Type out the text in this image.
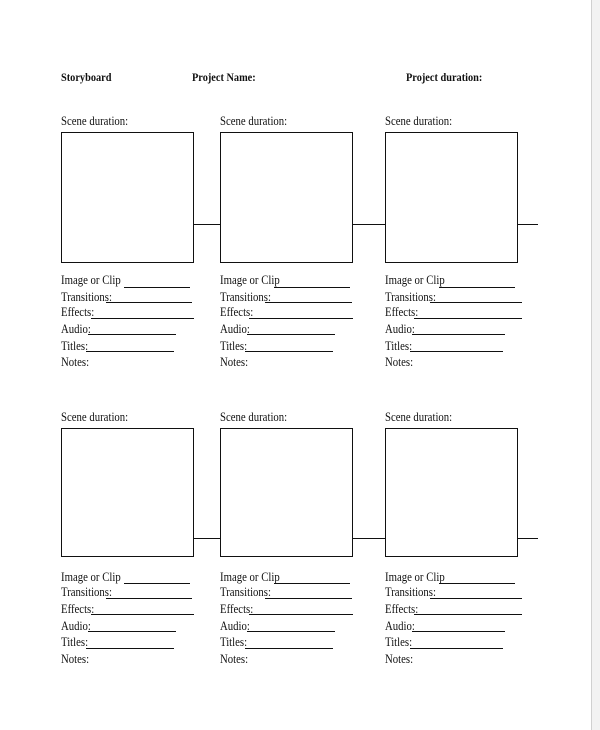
Storyboard	Project Name:	Project duration:
Scene duration:	Scene duration:	Scene duration:
Image or Clip
Transitions:
Effects:
Audio:
Titles:
Notes:
Image or Clip
Transitions:
Effects:
Audio:
Titles:
Notes:
Image or Clip
Transitions:
Effects:
Audio:
Titles:
Notes:
Scene duration:	Scene duration:	Scene duration:
Image or Clip
Transitions:
Effects:
Audio:
Titles:
Notes:
Image or Clip
Transitions:
Effects:
Audio:
Titles:
Notes:
Image or Clip
Transitions:
Effects:
Audio:
Titles:
Notes:
